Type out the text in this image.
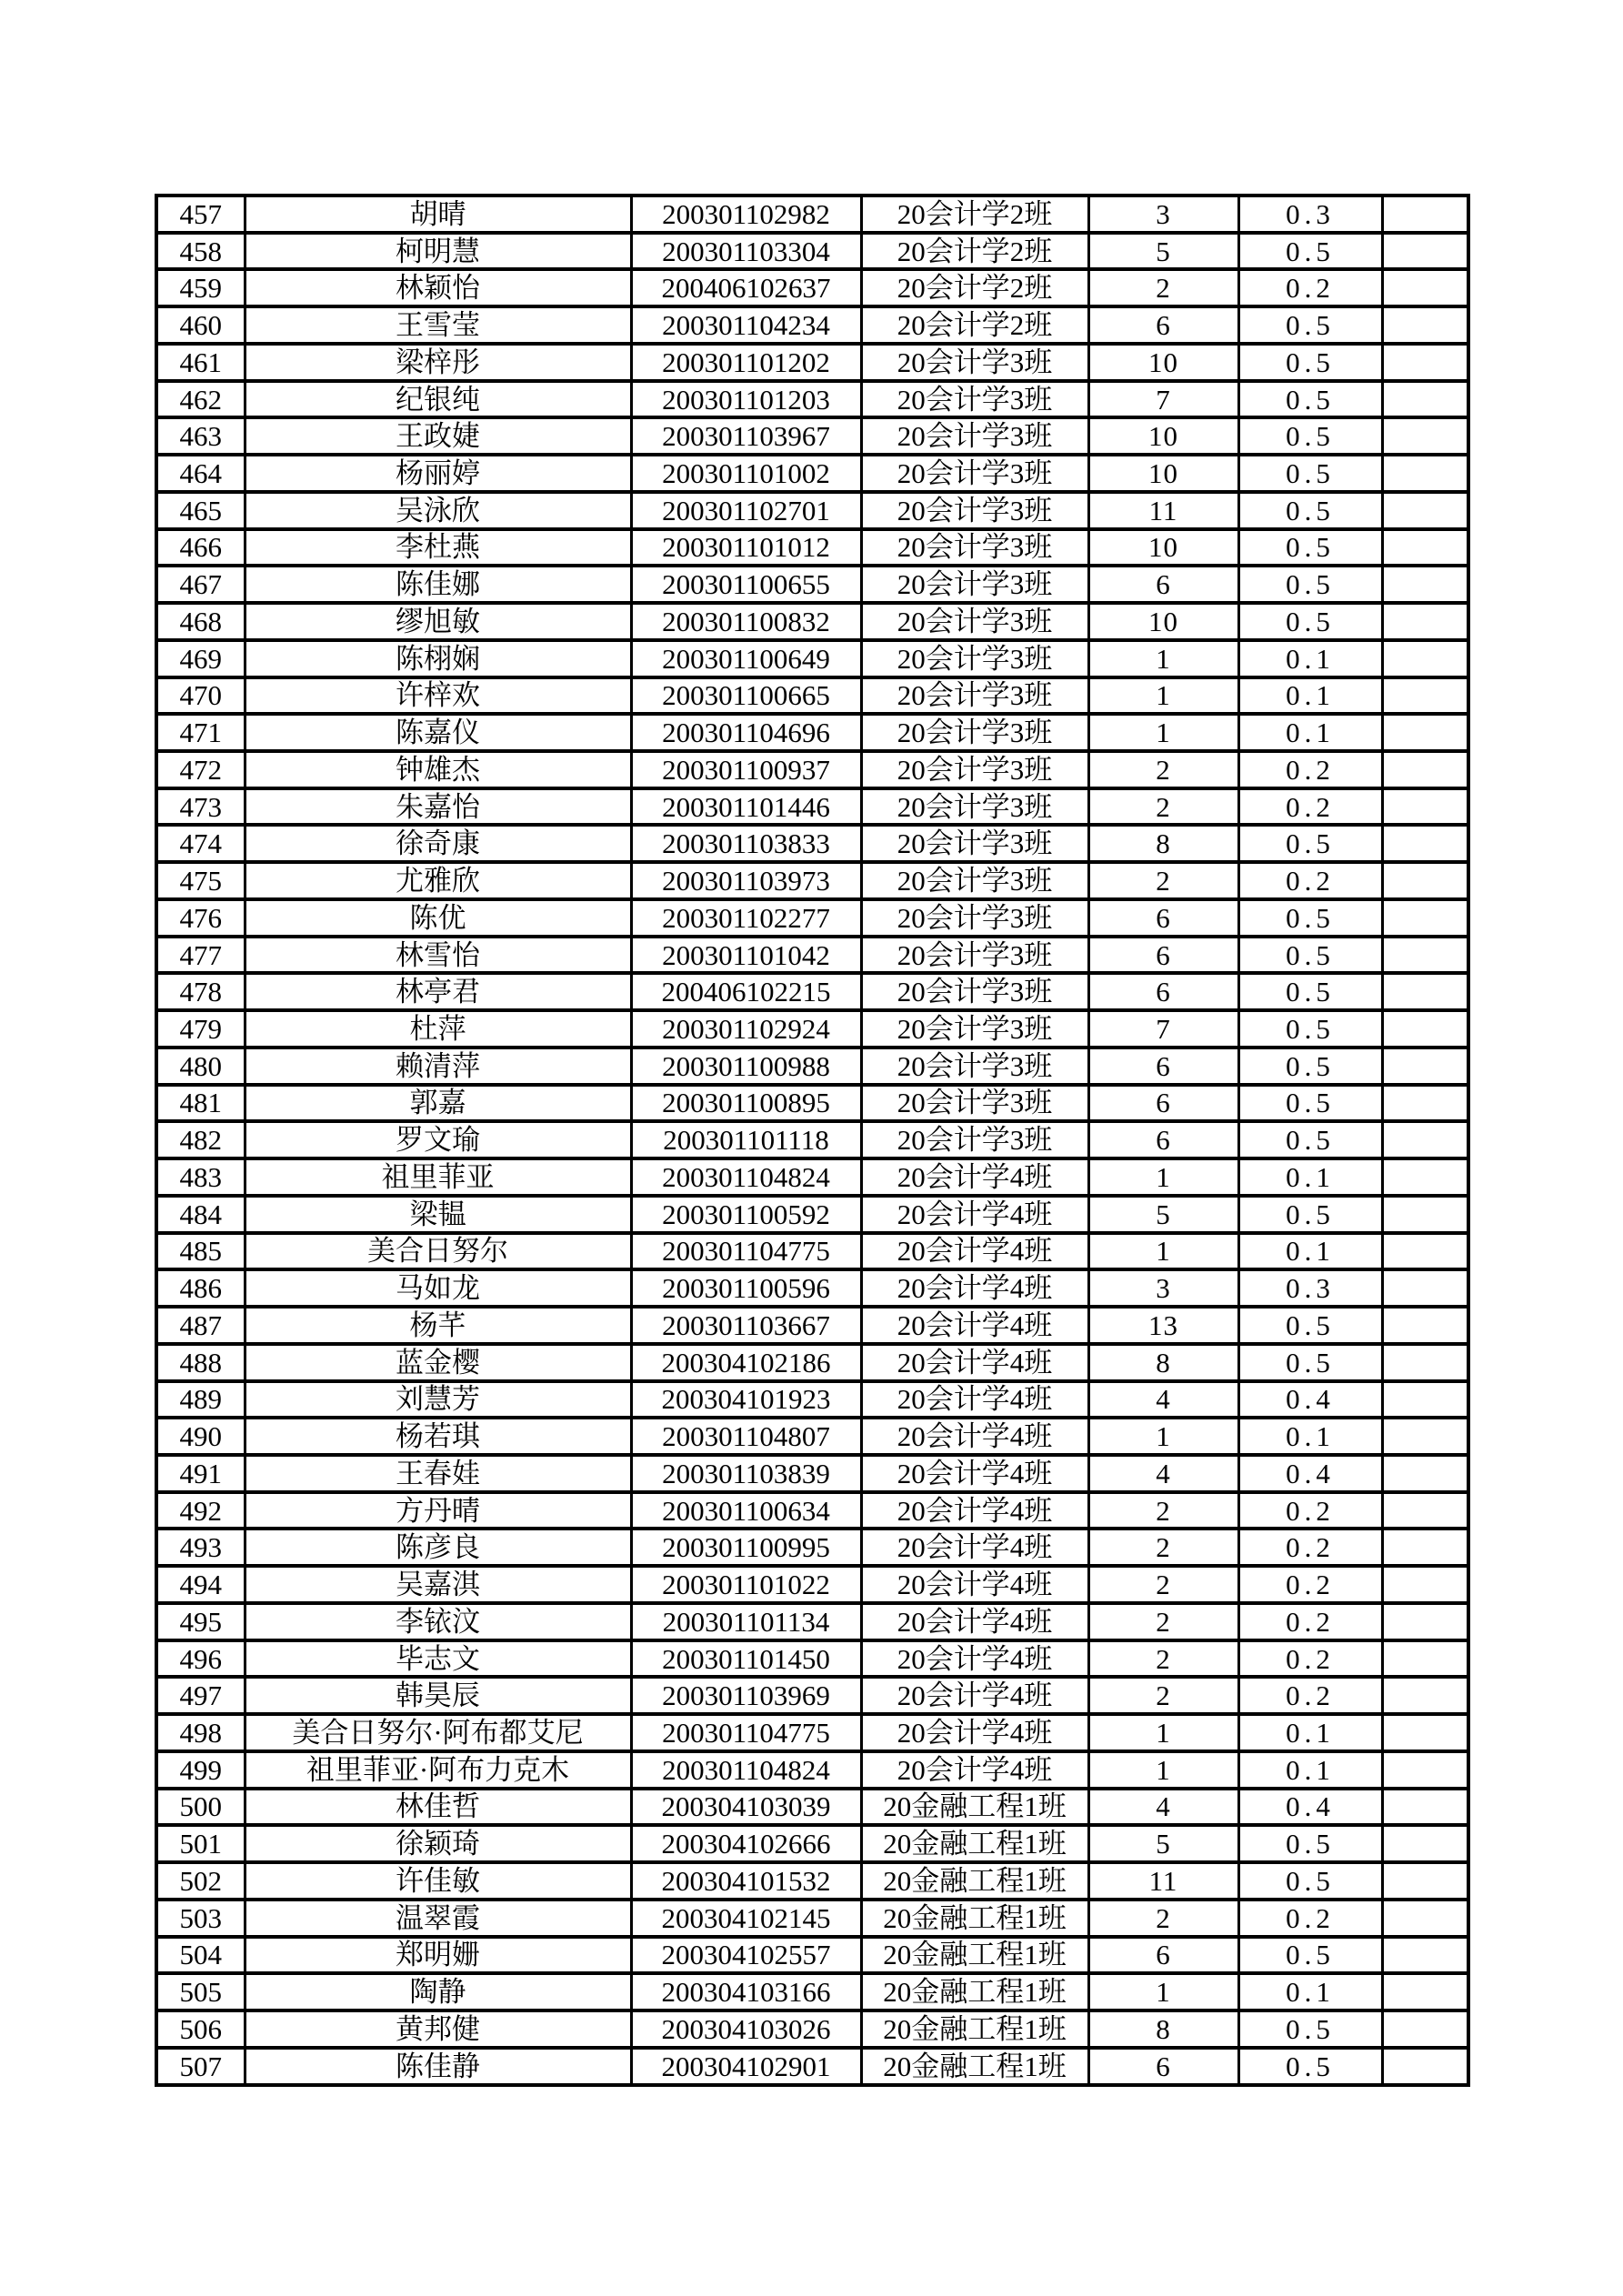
457	胡晴	200301102982	20会计学2班	3	0.3	
458	柯明慧	200301103304	20会计学2班	5	0.5	
459	林颖怡	200406102637	20会计学2班	2	0.2	
460	王雪莹	200301104234	20会计学2班	6	0.5	
461	梁梓彤	200301101202	20会计学3班	10	0.5	
462	纪银纯	200301101203	20会计学3班	7	0.5	
463	王政婕	200301103967	20会计学3班	10	0.5	
464	杨丽婷	200301101002	20会计学3班	10	0.5	
465	吴泳欣	200301102701	20会计学3班	11	0.5	
466	李杜燕	200301101012	20会计学3班	10	0.5	
467	陈佳娜	200301100655	20会计学3班	6	0.5	
468	缪旭敏	200301100832	20会计学3班	10	0.5	
469	陈栩娴	200301100649	20会计学3班	1	0.1	
470	许梓欢	200301100665	20会计学3班	1	0.1	
471	陈嘉仪	200301104696	20会计学3班	1	0.1	
472	钟雄杰	200301100937	20会计学3班	2	0.2	
473	朱嘉怡	200301101446	20会计学3班	2	0.2	
474	徐奇康	200301103833	20会计学3班	8	0.5	
475	尤雅欣	200301103973	20会计学3班	2	0.2	
476	陈优	200301102277	20会计学3班	6	0.5	
477	林雪怡	200301101042	20会计学3班	6	0.5	
478	林亭君	200406102215	20会计学3班	6	0.5	
479	杜萍	200301102924	20会计学3班	7	0.5	
480	赖清萍	200301100988	20会计学3班	6	0.5	
481	郭嘉	200301100895	20会计学3班	6	0.5	
482	罗文瑜	200301101118	20会计学3班	6	0.5	
483	祖里菲亚	200301104824	20会计学4班	1	0.1	
484	梁韫	200301100592	20会计学4班	5	0.5	
485	美合日努尔	200301104775	20会计学4班	1	0.1	
486	马如龙	200301100596	20会计学4班	3	0.3	
487	杨芊	200301103667	20会计学4班	13	0.5	
488	蓝金樱	200304102186	20会计学4班	8	0.5	
489	刘慧芳	200304101923	20会计学4班	4	0.4	
490	杨若琪	200301104807	20会计学4班	1	0.1	
491	王春娃	200301103839	20会计学4班	4	0.4	
492	方丹晴	200301100634	20会计学4班	2	0.2	
493	陈彦良	200301100995	20会计学4班	2	0.2	
494	吴嘉淇	200301101022	20会计学4班	2	0.2	
495	李铱汶	200301101134	20会计学4班	2	0.2	
496	毕志文	200301101450	20会计学4班	2	0.2	
497	韩昊辰	200301103969	20会计学4班	2	0.2	
498	美合日努尔·阿布都艾尼	200301104775	20会计学4班	1	0.1	
499	祖里菲亚·阿布力克木	200301104824	20会计学4班	1	0.1	
500	林佳哲	200304103039	20金融工程1班	4	0.4	
501	徐颖琦	200304102666	20金融工程1班	5	0.5	
502	许佳敏	200304101532	20金融工程1班	11	0.5	
503	温翠霞	200304102145	20金融工程1班	2	0.2	
504	郑明姗	200304102557	20金融工程1班	6	0.5	
505	陶静	200304103166	20金融工程1班	1	0.1	
506	黄邦健	200304103026	20金融工程1班	8	0.5	
507	陈佳静	200304102901	20金融工程1班	6	0.5	
